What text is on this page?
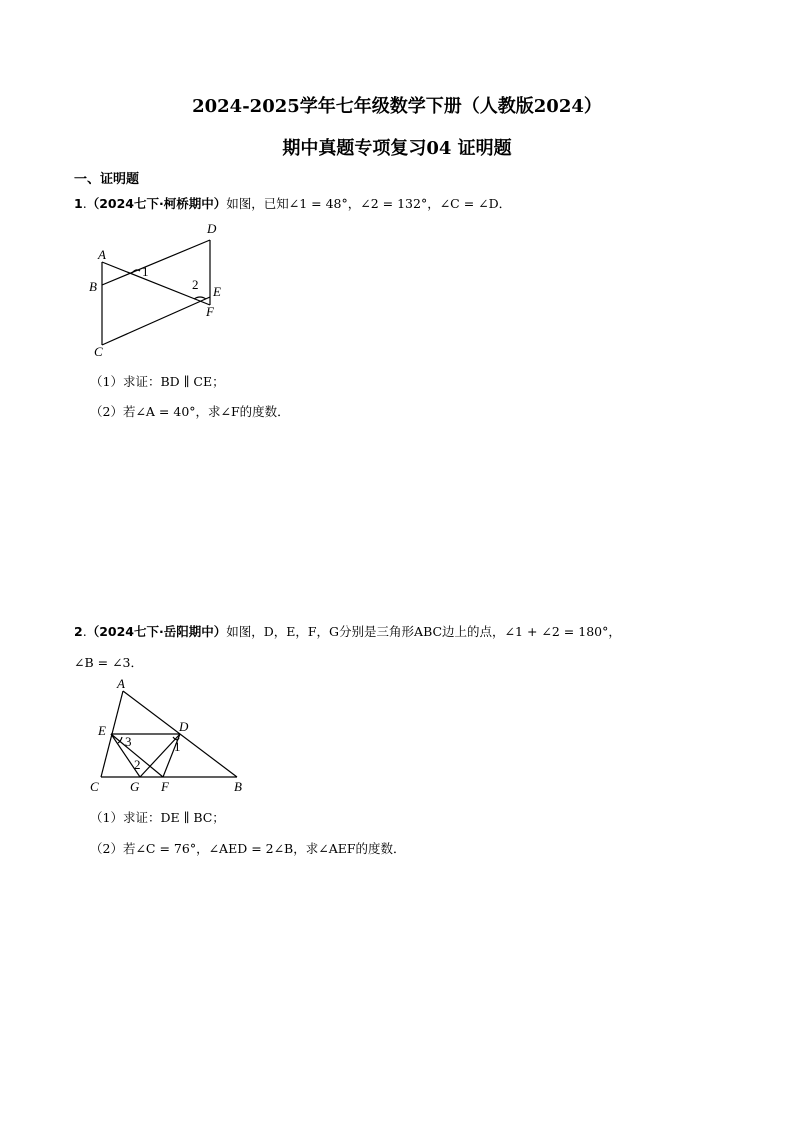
2024-2025学年七年级数学下册（人教版2024）
期中真题专项复习04 证明题
一、证明题
1.（2024七下·柯桥期中）如图，已知∠1 = 48°，∠2 = 132°，∠C = ∠D．
A
B
C
D
E
F
1
2
（1）求证：BD ∥ CE；
（2）若∠A = 40°，求∠F的度数．
2.（2024七下·岳阳期中）如图，D，E，F，G分别是三角形ABC边上的点，∠1 + ∠2 = 180°，
∠B = ∠3．
A
C	B
E	D
G F
1
2
3
（1）求证：DE ∥ BC；
（2）若∠C = 76°，∠AED = 2∠B，求∠AEF的度数．
